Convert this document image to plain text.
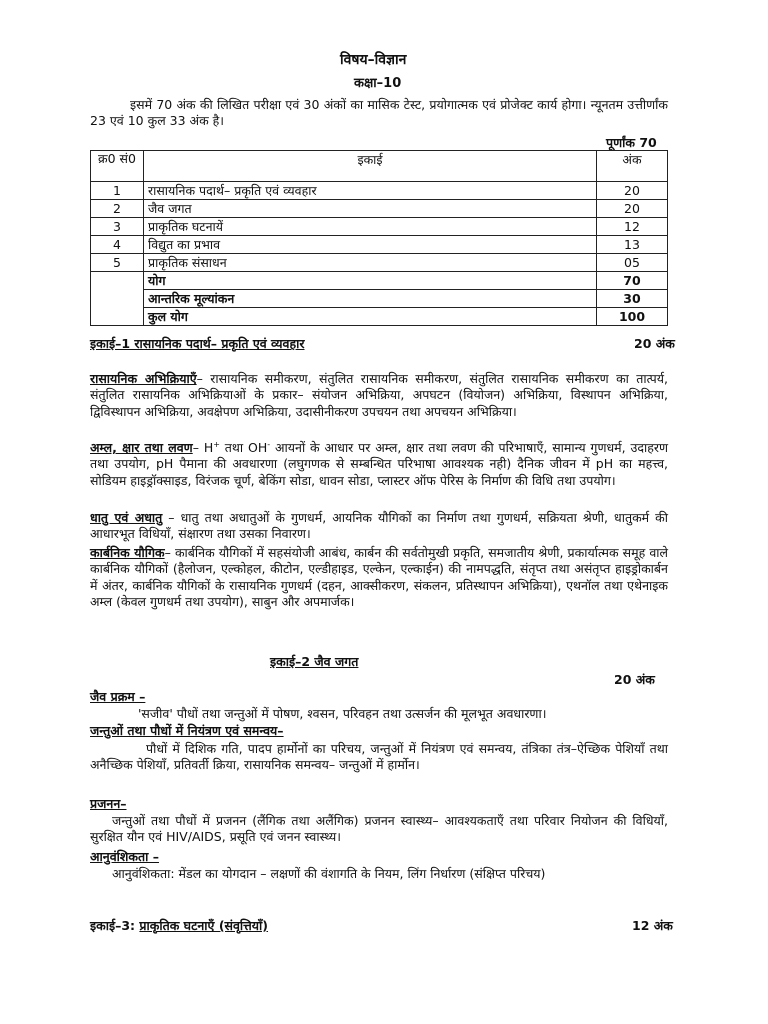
विषय–विज्ञान
कक्षा–10
इसमें 70 अंक की लिखित परीक्षा एवं 30 अंकों का मासिक टेस्ट, प्रयोगात्मक एवं प्रोजेक्ट कार्य होगा। न्यूनतम उत्तीर्णांक 23 एवं 10 कुल 33 अंक है।
पूर्णांक 70
क्र0 सं0	इकाई	अंक
1	रासायनिक पदार्थ– प्रकृति एवं व्यवहार	20
2	जैव जगत	20
3	प्राकृतिक घटनायें	12
4	विद्युत का प्रभाव	13
5	प्राकृतिक संसाधन	05
	योग	70
	आन्तरिक मूल्यांकन	30
	कुल योग	100
इकाई–1 रासायनिक पदार्थ– प्रकृति एवं व्यवहार	20 अंक
रासायनिक अभिक्रियाएँ– रासायनिक समीकरण, संतुलित रासायनिक समीकरण, संतुलित रासायनिक समीकरण का तात्पर्य, संतुलित रासायनिक अभिक्रियाओं के प्रकार– संयोजन अभिक्रिया, अपघटन (वियोजन) अभिक्रिया, विस्थापन अभिक्रिया, द्विविस्थापन अभिक्रिया, अवक्षेपण अभिक्रिया, उदासीनीकरण उपचयन तथा अपचयन अभिक्रिया।
अम्ल, क्षार तथा लवण– H+ तथा OH- आयनों के आधार पर अम्ल, क्षार तथा लवण की परिभाषाएँ, सामान्य गुणधर्म, उदाहरण तथा उपयोग, pH पैमाना की अवधारणा (लघुगणक से सम्बन्धित परिभाषा आवश्यक नही) दैनिक जीवन में pH का महत्त्व, सोडियम हाइड्रॉक्साइड, विरंजक चूर्ण, बेकिंग सोडा, धावन सोडा, प्लास्टर ऑफ पेरिस के निर्माण की विधि तथा उपयोग।
धातु एवं अधातु – धातु तथा अधातुओं के गुणधर्म, आयनिक यौगिकों का निर्माण तथा गुणधर्म, सक्रियता श्रेणी, धातुकर्म की आधारभूत विधियाँ, संक्षारण तथा उसका निवारण।
कार्बनिक यौगिक– कार्बनिक यौगिकों में सहसंयोजी आबंध, कार्बन की सर्वतोमुखी प्रकृति, समजातीय श्रेणी, प्रकार्यात्मक समूह वाले कार्बनिक यौगिकों (हैलोजन, एल्कोहल, कीटोन, एल्डीहाइड, एल्केन, एल्काईन) की नामपद्धति, संतृप्त तथा असंतृप्त हाइड्रोकार्बन में अंतर, कार्बनिक यौगिकों के रासायनिक गुणधर्म (दहन, आक्सीकरण, संकलन, प्रतिस्थापन अभिक्रिया), एथनॉल तथा एथेनाइक अम्ल (केवल गुणधर्म तथा उपयोग), साबुन और अपमार्जक।
इकाई–2 जैव जगत
20 अंक
जैव प्रक्रम –
'सजीव' पौधों तथा जन्तुओं में पोषण, श्वसन, परिवहन तथा उत्सर्जन की मूलभूत अवधारणा।
जन्तुओं तथा पौधों में नियंत्रण एवं समन्वय–
पौधों में दिशिक गति, पादप हार्मोनों का परिचय, जन्तुओं में नियंत्रण एवं समन्वय, तंत्रिका तंत्र–ऐच्छिक पेशियाँ तथा अनैच्छिक पेशियाँ, प्रतिवर्ती क्रिया, रासायनिक समन्वय– जन्तुओं में हार्मोन।
प्रजनन–
जन्तुओं तथा पौधों में प्रजनन (लैंगिक तथा अलैंगिक) प्रजनन स्वास्थ्य– आवश्यकताएँ तथा परिवार नियोजन की विधियाँ, सुरक्षित यौन एवं HIV/AIDS, प्रसूति एवं जनन स्वास्थ्य।
आनुवंशिकता –
आनुवंशिकता: मेंडल का योगदान – लक्षणों की वंशागति के नियम, लिंग निर्धारण (संक्षिप्त परिचय)
इकाई–3: प्राकृतिक घटनाएँ (संवृत्तियाँ)	12 अंक
